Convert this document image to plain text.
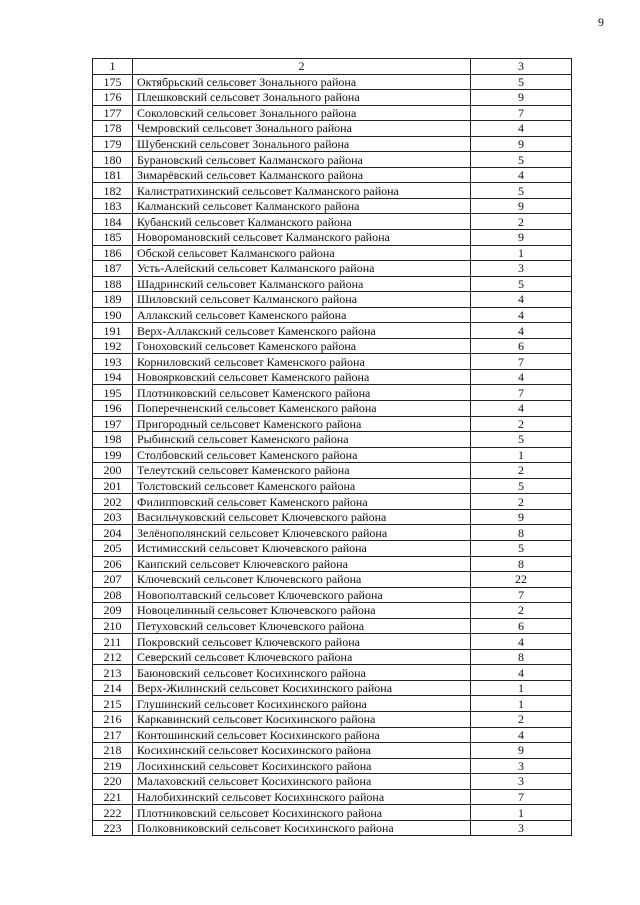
9
1	2	3
175	Октябрьский сельсовет Зонального района	5
176	Плешковский сельсовет Зонального района	9
177	Соколовский сельсовет Зонального района	7
178	Чемровский сельсовет Зонального района	4
179	Шубенский сельсовет Зонального района	9
180	Бурановский сельсовет Калманского района	5
181	Зимарёвский сельсовет Калманского района	4
182	Калистратихинский сельсовет Калманского района	5
183	Калманский сельсовет Калманского района	9
184	Кубанский сельсовет Калманского района	2
185	Новоромановский сельсовет Калманского района	9
186	Обской сельсовет Калманского района	1
187	Усть-Алейский сельсовет Калманского района	3
188	Шадринский сельсовет Калманского района	5
189	Шиловский сельсовет Калманского района	4
190	Аллакский сельсовет Каменского района	4
191	Верх-Аллакский сельсовет Каменского района	4
192	Гоноховский сельсовет Каменского района	6
193	Корниловский сельсовет Каменского района	7
194	Новоярковский сельсовет Каменского района	4
195	Плотниковский сельсовет Каменского района	7
196	Поперечненский сельсовет Каменского района	4
197	Пригородный сельсовет Каменского района	2
198	Рыбинский сельсовет Каменского района	5
199	Столбовский сельсовет Каменского района	1
200	Телеутский сельсовет Каменского района	2
201	Толстовский сельсовет Каменского района	5
202	Филипповский сельсовет Каменского района	2
203	Васильчуковский сельсовет Ключевского района	9
204	Зелёнополянский сельсовет Ключевского района	8
205	Истимисский сельсовет Ключевского района	5
206	Каипский сельсовет Ключевского района	8
207	Ключевский сельсовет Ключевского района	22
208	Новополтавский сельсовет Ключевского района	7
209	Новоцелинный сельсовет Ключевского района	2
210	Петуховский сельсовет Ключевского района	6
211	Покровский сельсовет Ключевского района	4
212	Северский сельсовет Ключевского района	8
213	Баюновский сельсовет Косихинского района	4
214	Верх-Жилинский сельсовет Косихинского района	1
215	Глушинский сельсовет Косихинского района	1
216	Каркавинский сельсовет Косихинского района	2
217	Контошинский сельсовет Косихинского района	4
218	Косихинский сельсовет Косихинского района	9
219	Лосихинский сельсовет Косихинского района	3
220	Малаховский сельсовет Косихинского района	3
221	Налобихинский сельсовет Косихинского района	7
222	Плотниковский сельсовет Косихинского района	1
223	Полковниковский сельсовет Косихинского района	3
